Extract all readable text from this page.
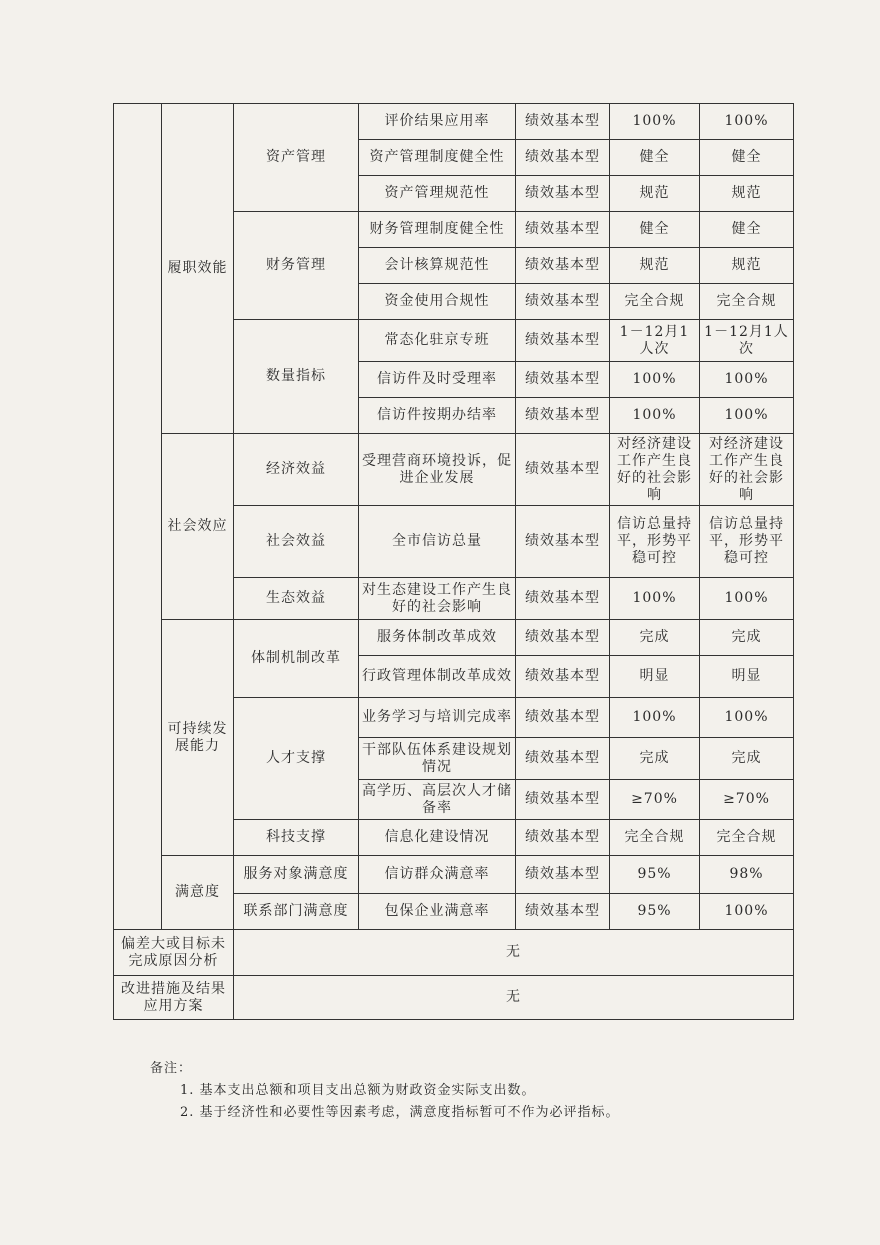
	履职效能	资产管理	评价结果应用率	绩效基本型	100%	100%
			资产管理制度健全性	绩效基本型	健全	健全
			资产管理规范性	绩效基本型	规范	规范
		财务管理	财务管理制度健全性	绩效基本型	健全	健全
			会计核算规范性	绩效基本型	规范	规范
			资金使用合规性	绩效基本型	完全合规	完全合规
		数量指标	常态化驻京专班	绩效基本型	1－12月1人次	1－12月1人次
			信访件及时受理率	绩效基本型	100%	100%
			信访件按期办结率	绩效基本型	100%	100%
	社会效应	经济效益	受理营商环境投诉，促进企业发展	绩效基本型	对经济建设工作产生良好的社会影响	对经济建设工作产生良好的社会影响
		社会效益	全市信访总量	绩效基本型	信访总量持平，形势平稳可控	信访总量持平，形势平稳可控
		生态效益	对生态建设工作产生良好的社会影响	绩效基本型	100%	100%
	可持续发展能力	体制机制改革	服务体制改革成效	绩效基本型	完成	完成
			行政管理体制改革成效	绩效基本型	明显	明显
		人才支撑	业务学习与培训完成率	绩效基本型	100%	100%
			干部队伍体系建设规划情况	绩效基本型	完成	完成
			高学历、高层次人才储备率	绩效基本型	≥70%	≥70%
		科技支撑	信息化建设情况	绩效基本型	完全合规	完全合规
	满意度	服务对象满意度	信访群众满意率	绩效基本型	95%	98%
		联系部门满意度	包保企业满意率	绩效基本型	95%	100%
偏差大或目标未完成原因分析		无				
改进措施及结果应用方案		无				
备注：
1. 基本支出总额和项目支出总额为财政资金实际支出数。
2. 基于经济性和必要性等因素考虑，满意度指标暂可不作为必评指标。
